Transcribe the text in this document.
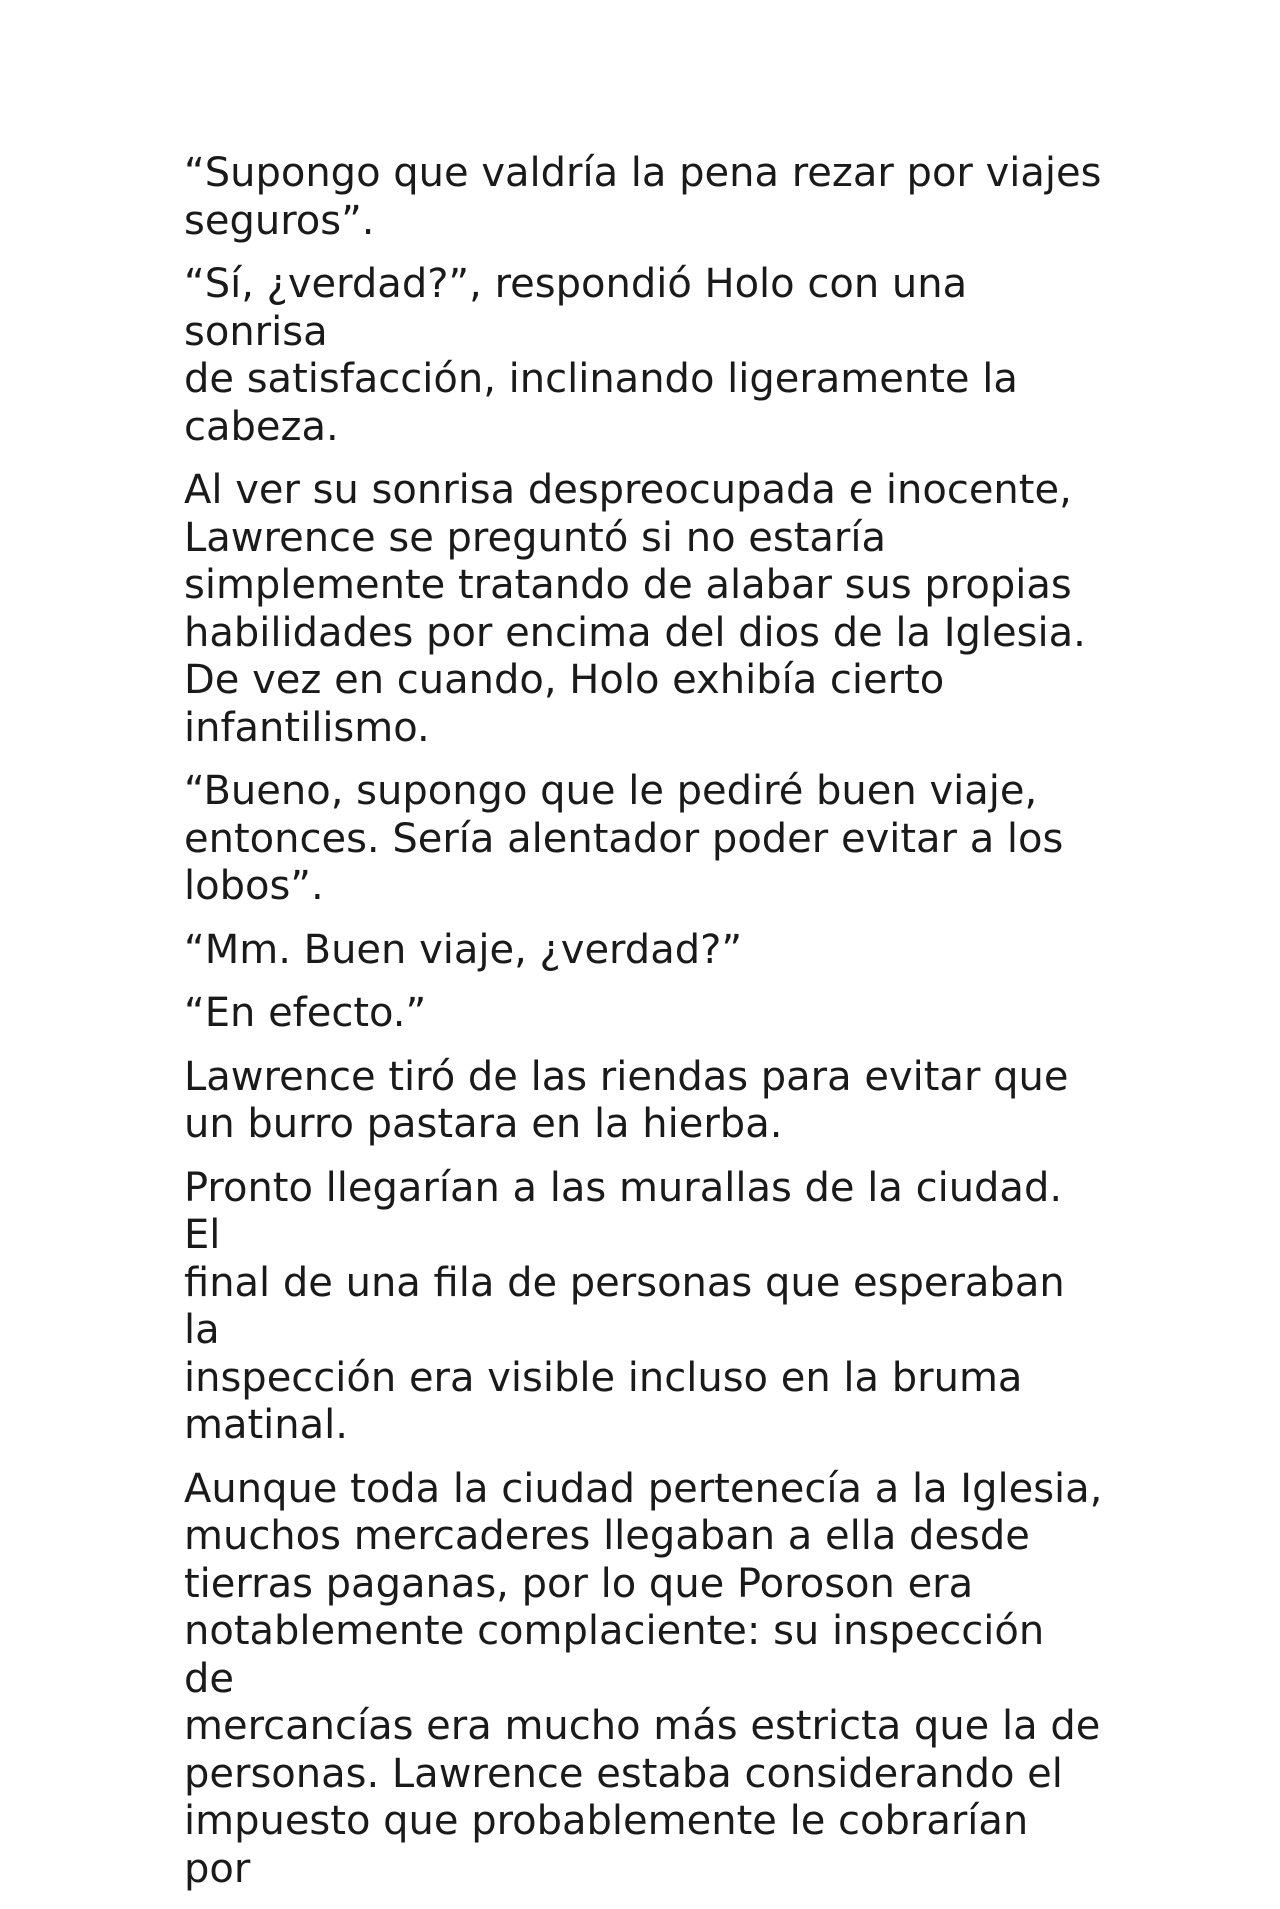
“Supongo que valdría la pena rezar por viajes
seguros”.

“Sí, ¿verdad?”, respondió Holo con una sonrisa
de satisfacción, inclinando ligeramente la
cabeza.

Al ver su sonrisa despreocupada e inocente,
Lawrence se preguntó si no estaría
simplemente tratando de alabar sus propias
habilidades por encima del dios de la Iglesia.
De vez en cuando, Holo exhibía cierto
infantilismo.

“Bueno, supongo que le pediré buen viaje,
entonces. Sería alentador poder evitar a los
lobos”.

“Mm. Buen viaje, ¿verdad?”

“En efecto.”

Lawrence tiró de las riendas para evitar que
un burro pastara en la hierba.

Pronto llegarían a las murallas de la ciudad. El
final de una fila de personas que esperaban la
inspección era visible incluso en la bruma
matinal.

Aunque toda la ciudad pertenecía a la Iglesia,
muchos mercaderes llegaban a ella desde
tierras paganas, por lo que Poroson era
notablemente complaciente: su inspección de
mercancías era mucho más estricta que la de
personas. Lawrence estaba considerando el
impuesto que probablemente le cobrarían por
